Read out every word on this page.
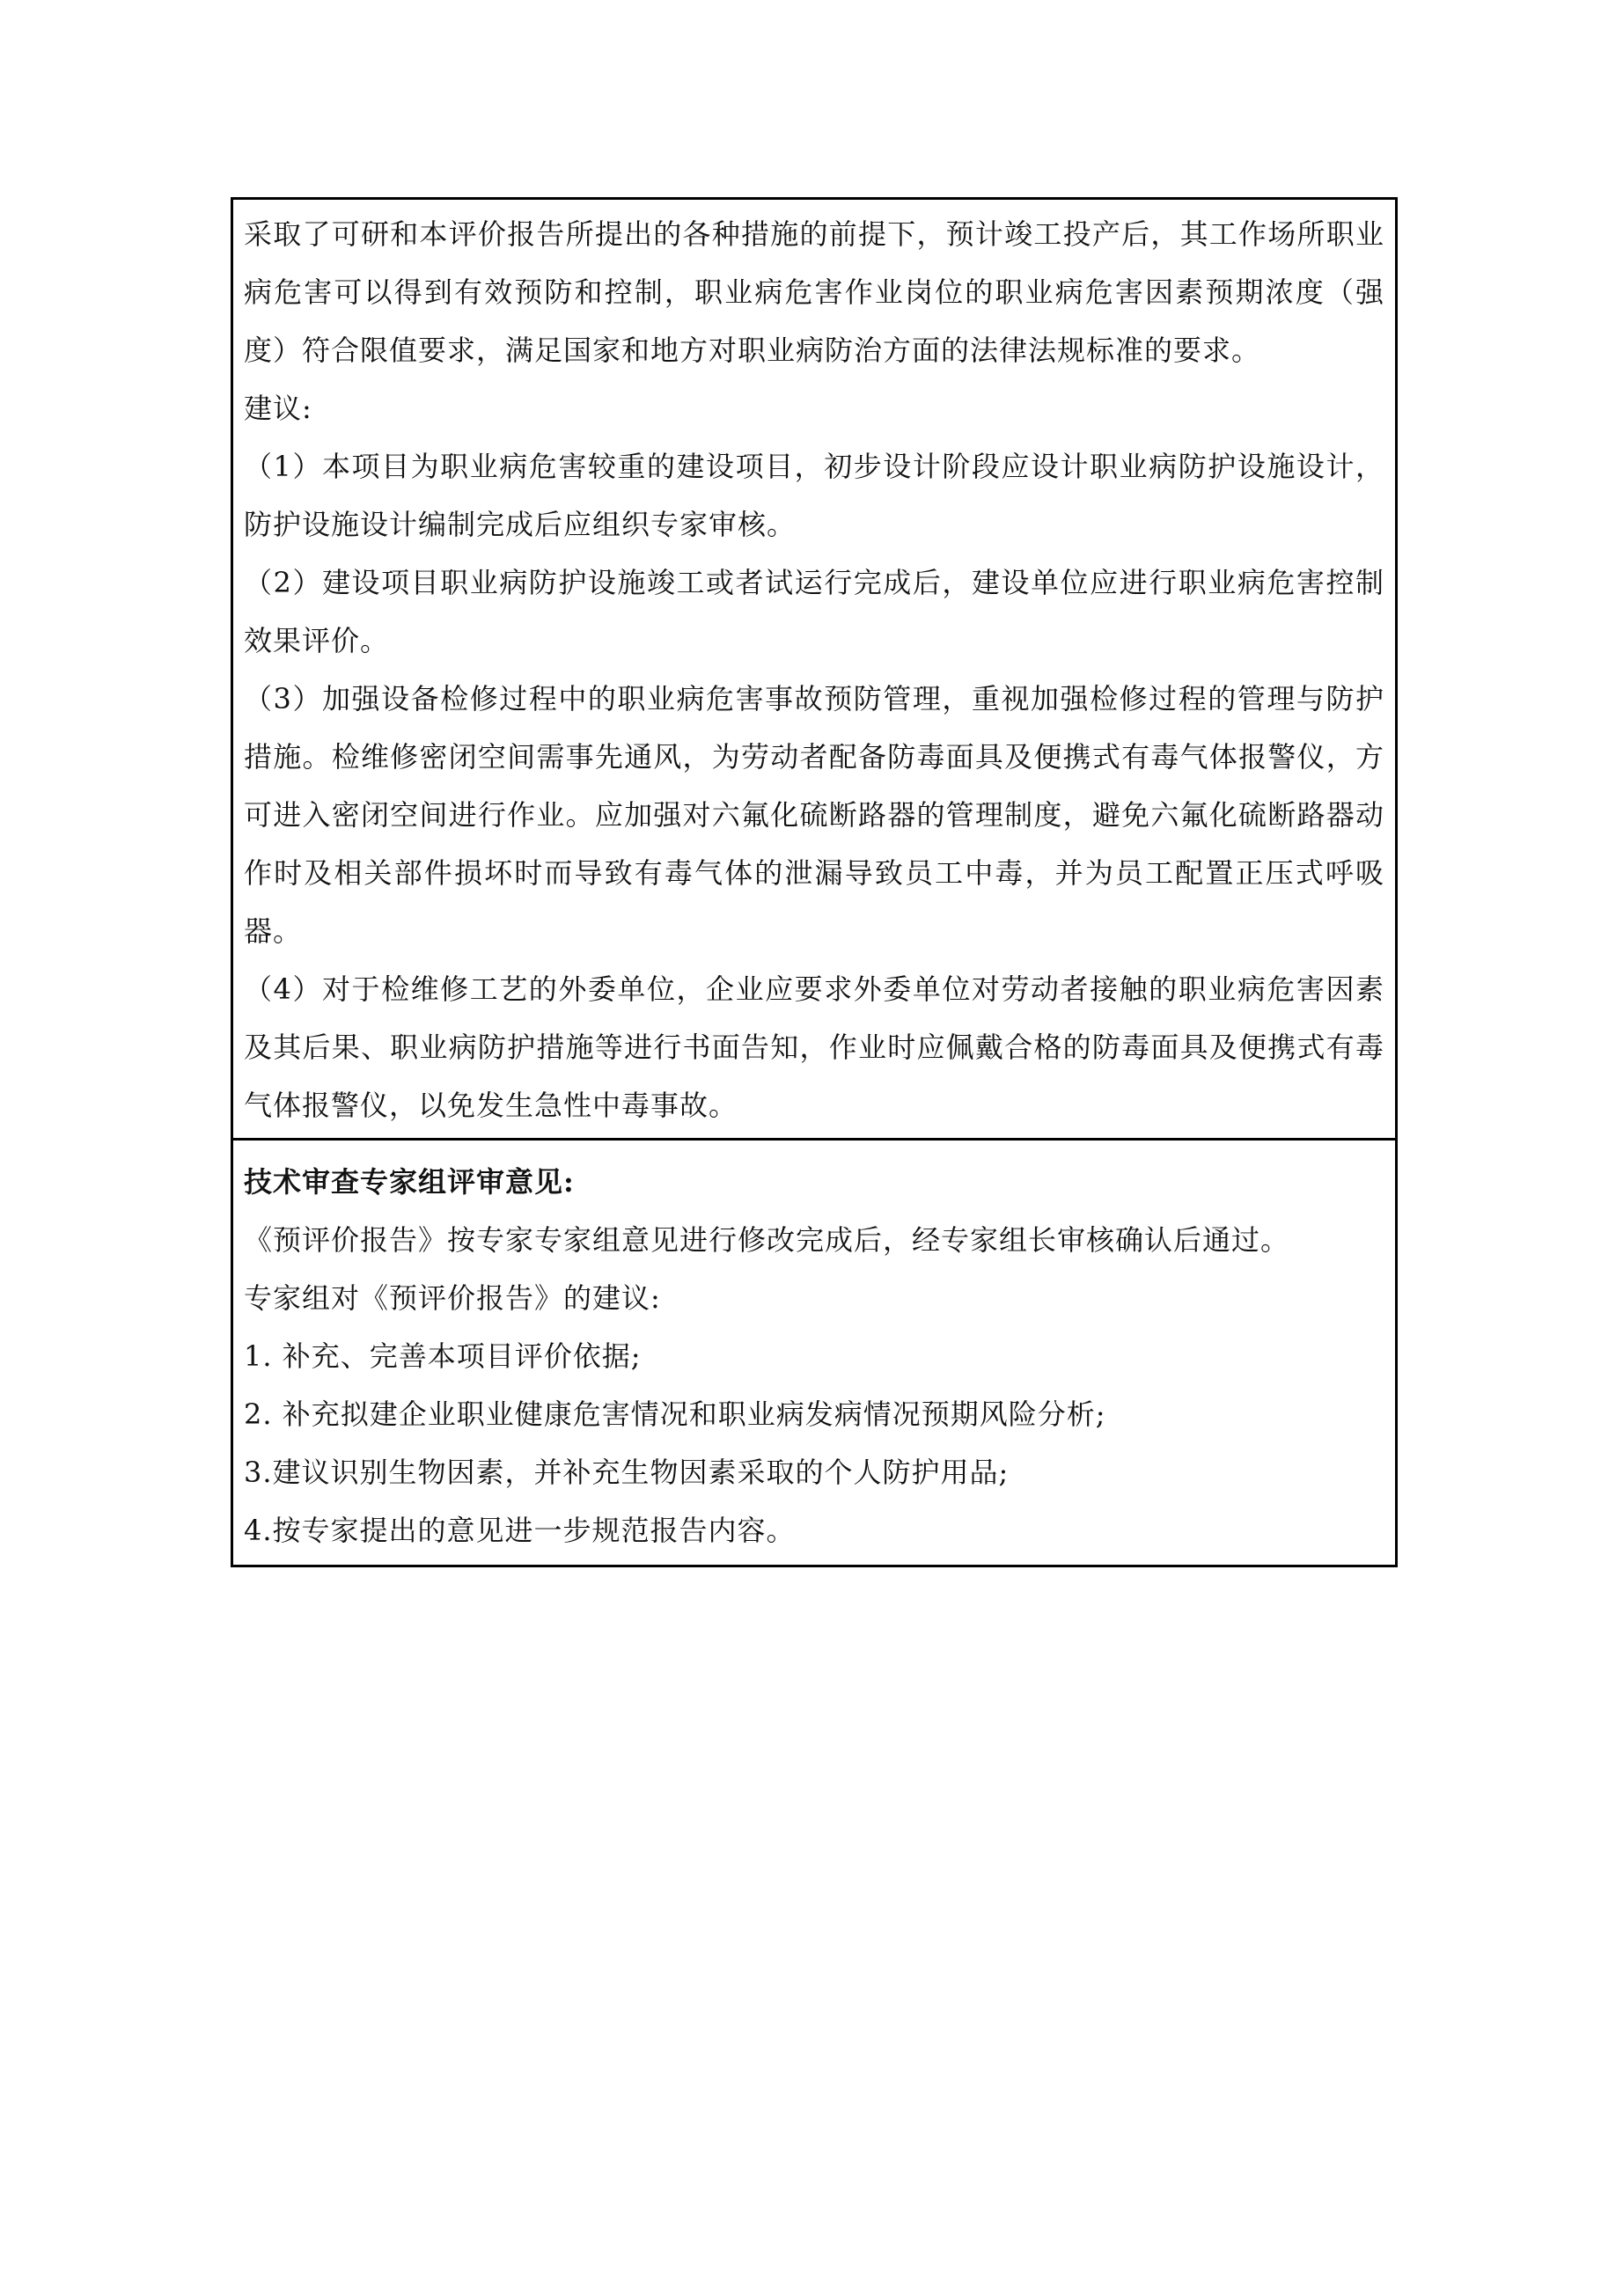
采取了可研和本评价报告所提出的各种措施的前提下，预计竣工投产后，其工作场所职业病危害可以得到有效预防和控制，职业病危害作业岗位的职业病危害因素预期浓度（强度）符合限值要求，满足国家和地方对职业病防治方面的法律法规标准的要求。

建议:

（1）本项目为职业病危害较重的建设项目，初步设计阶段应设计职业病防护设施设计，防护设施设计编制完成后应组织专家审核。

（2）建设项目职业病防护设施竣工或者试运行完成后，建设单位应进行职业病危害控制效果评价。

（3）加强设备检修过程中的职业病危害事故预防管理，重视加强检修过程的管理与防护措施。检维修密闭空间需事先通风，为劳动者配备防毒面具及便携式有毒气体报警仪，方可进入密闭空间进行作业。应加强对六氟化硫断路器的管理制度，避免六氟化硫断路器动作时及相关部件损坏时而导致有毒气体的泄漏导致员工中毒，并为员工配置正压式呼吸器。

（4）对于检维修工艺的外委单位，企业应要求外委单位对劳动者接触的职业病危害因素及其后果、职业病防护措施等进行书面告知，作业时应佩戴合格的防毒面具及便携式有毒气体报警仪，以免发生急性中毒事故。

技术审查专家组评审意见:

《预评价报告》按专家专家组意见进行修改完成后，经专家组长审核确认后通过。

专家组对《预评价报告》的建议:

1. 补充、完善本项目评价依据;

2. 补充拟建企业职业健康危害情况和职业病发病情况预期风险分析;

3.建议识别生物因素，并补充生物因素采取的个人防护用品;

4.按专家提出的意见进一步规范报告内容。
